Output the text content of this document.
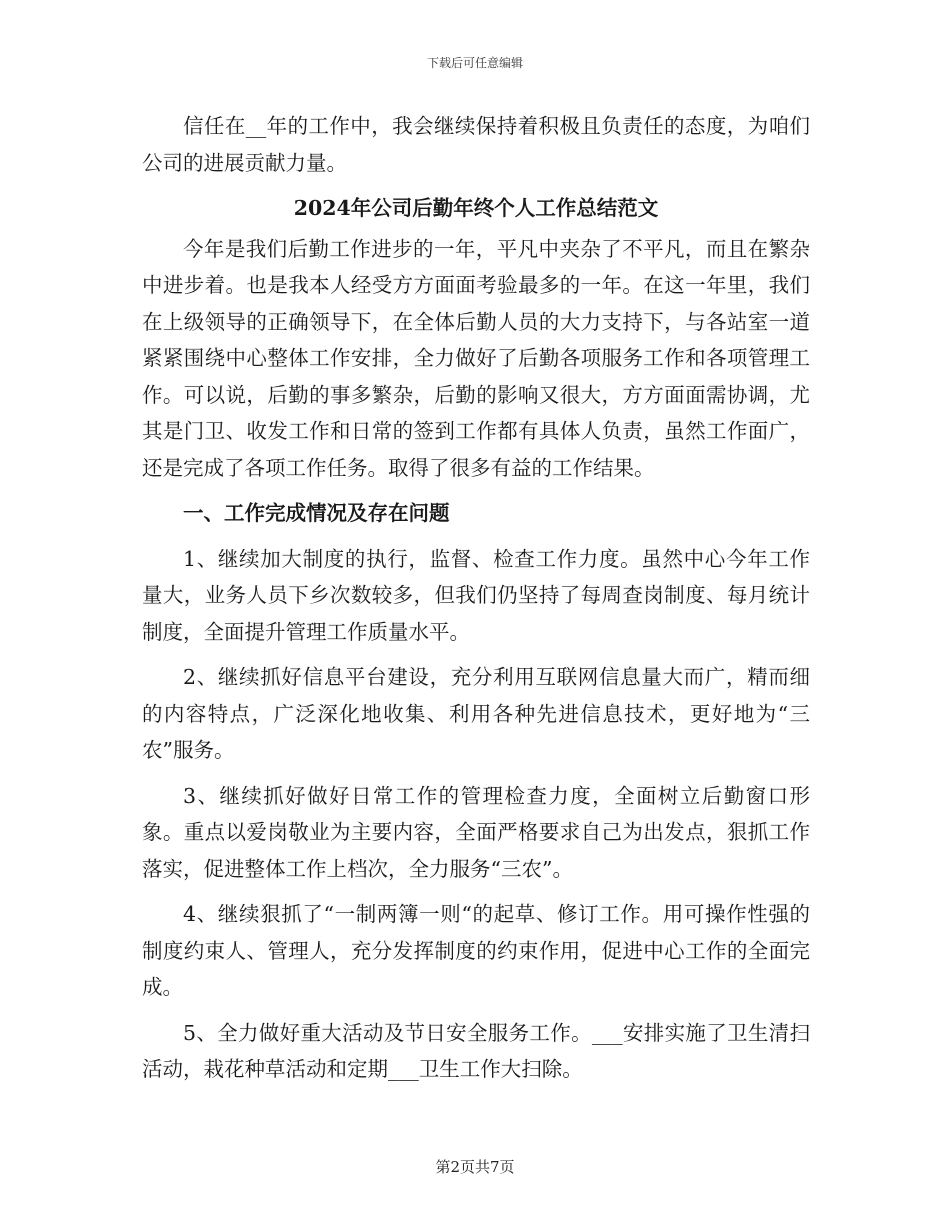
下载后可任意编辑

信任在__年的工作中，我会继续保持着积极且负责任的态度，为咱们公司的进展贡献力量。

2024年公司后勤年终个人工作总结范文

今年是我们后勤工作进步的一年，平凡中夹杂了不平凡，而且在繁杂中进步着。也是我本人经受方方面面考验最多的一年。在这一年里，我们在上级领导的正确领导下，在全体后勤人员的大力支持下，与各站室一道紧紧围绕中心整体工作安排，全力做好了后勤各项服务工作和各项管理工作。可以说，后勤的事多繁杂，后勤的影响又很大，方方面面需协调，尤其是门卫、收发工作和日常的签到工作都有具体人负责，虽然工作面广，还是完成了各项工作任务。取得了很多有益的工作结果。

一、工作完成情况及存在问题

1、继续加大制度的执行，监督、检查工作力度。虽然中心今年工作量大，业务人员下乡次数较多，但我们仍坚持了每周查岗制度、每月统计制度，全面提升管理工作质量水平。

2、继续抓好信息平台建设，充分利用互联网信息量大而广，精而细的内容特点，广泛深化地收集、利用各种先进信息技术，更好地为“三农”服务。

3、继续抓好做好日常工作的管理检查力度，全面树立后勤窗口形象。重点以爱岗敬业为主要内容，全面严格要求自己为出发点，狠抓工作落实，促进整体工作上档次，全力服务“三农”。

4、继续狠抓了“一制两簿一则“的起草、修订工作。用可操作性强的制度约束人、管理人，充分发挥制度的约束作用，促进中心工作的全面完成。

5、全力做好重大活动及节日安全服务工作。___安排实施了卫生清扫活动，栽花种草活动和定期___卫生工作大扫除。

第2页共7页
